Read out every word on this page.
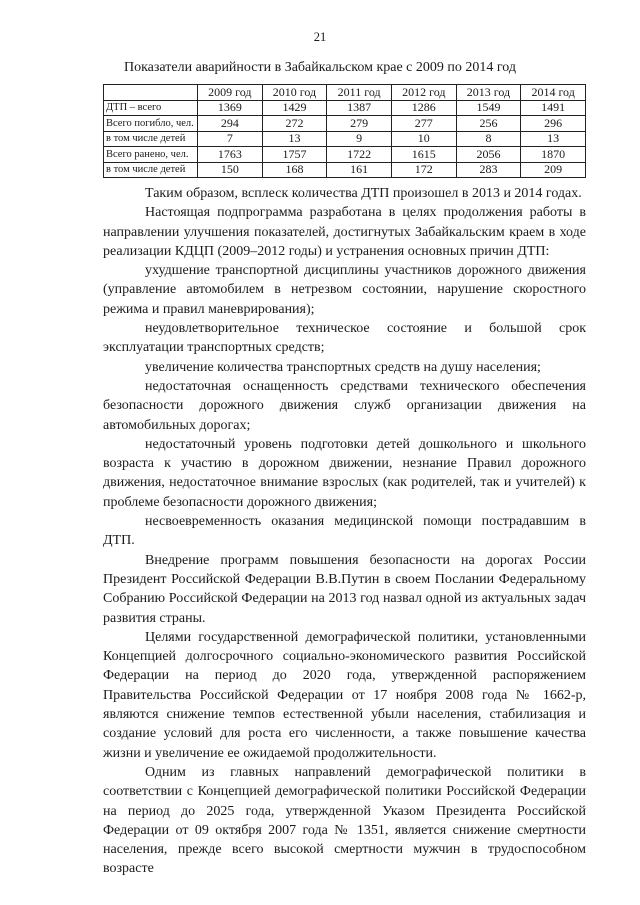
21
Показатели аварийности в Забайкальском крае с 2009 по 2014 год
	2009 год	2010 год	2011 год	2012 год	2013 год	2014 год
ДТП – всего	1369	1429	1387	1286	1549	1491
Всего погибло, чел.	294	272	279	277	256	296
в том числе детей	7	13	9	10	8	13
Всего ранено, чел.	1763	1757	1722	1615	2056	1870
в том числе детей	150	168	161	172	283	209

Таким образом, всплеск количества ДТП произошел в 2013 и 2014 годах.

Настоящая подпрограмма разработана в целях продолжения работы в направлении улучшения показателей, достигнутых Забайкальским краем в ходе реализации КДЦП (2009–2012 годы) и устранения основных причин ДТП:

ухудшение транспортной дисциплины участников дорожного движения (управление автомобилем в нетрезвом состоянии, нарушение скоростного режима и правил маневрирования);

неудовлетворительное техническое состояние и большой срок эксплуатации транспортных средств;

увеличение количества транспортных средств на душу населения;

недостаточная оснащенность средствами технического обеспечения безопасности дорожного движения служб организации движения на автомобильных дорогах;

недостаточный уровень подготовки детей дошкольного и школьного возраста к участию в дорожном движении, незнание Правил дорожного движения, недостаточное внимание взрослых (как родителей, так и учителей) к проблеме безопасности дорожного движения;

несвоевременность оказания медицинской помощи пострадавшим в ДТП.

Внедрение программ повышения безопасности на дорогах России Президент Российской Федерации В.В.Путин в своем Послании Федеральному Собранию Российской Федерации на 2013 год назвал одной из актуальных задач развития страны.

Целями государственной демографической политики, установленными Концепцией долгосрочного социально-экономического развития Российской Федерации на период до 2020 года, утвержденной распоряжением Правительства Российской Федерации от 17 ноября 2008 года № 1662-р, являются снижение темпов естественной убыли населения, стабилизация и создание условий для роста его численности, а также повышение качества жизни и увеличение ее ожидаемой продолжительности.

Одним из главных направлений демографической политики в соответствии с Концепцией демографической политики Российской Федерации на период до 2025 года, утвержденной Указом Президента Российской Федерации от 09 октября 2007 года № 1351, является снижение смертности населения, прежде всего высокой смертности мужчин в трудоспособном возрасте
